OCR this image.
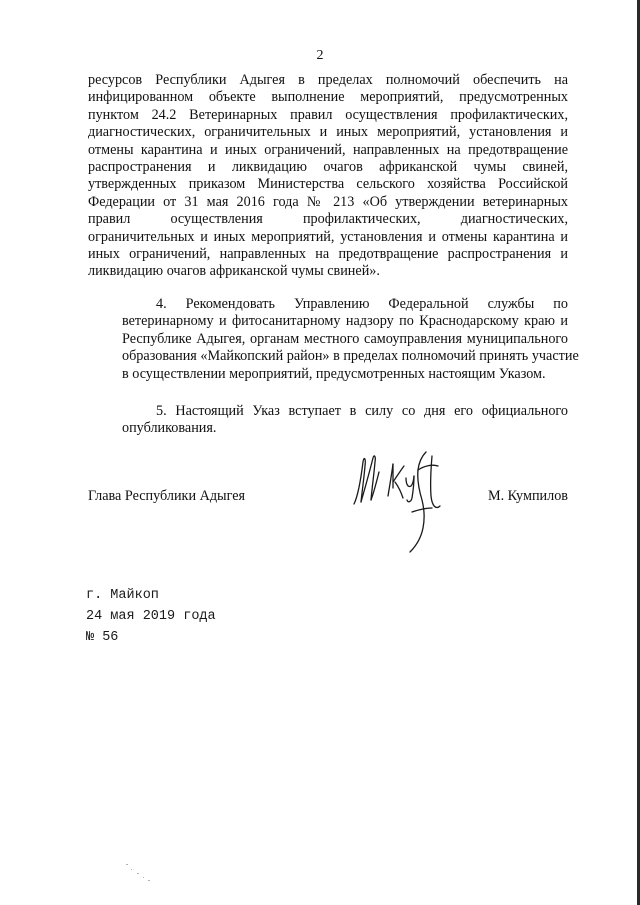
2
ресурсов Республики Адыгея в пределах полномочий обеспечить на
инфицированном объекте выполнение мероприятий, предусмотренных
пунктом 24.2 Ветеринарных правил осуществления профилактических,
диагностических, ограничительных и иных мероприятий, установления и
отмены карантина и иных ограничений, направленных на предотвращение
распространения и ликвидацию очагов африканской чумы свиней,
утвержденных приказом Министерства сельского хозяйства Российской
Федерации от 31 мая 2016 года № 213 «Об утверждении ветеринарных
правил осуществления профилактических, диагностических,
ограничительных и иных мероприятий, установления и отмены карантина и
иных ограничений, направленных на предотвращение распространения и
ликвидацию очагов африканской чумы свиней».
4. Рекомендовать Управлению Федеральной службы по
ветеринарному и фитосанитарному надзору по Краснодарскому краю и
Республике Адыгея, органам местного самоуправления муниципального
образования «Майкопский район» в пределах полномочий принять участие
в осуществлении мероприятий, предусмотренных настоящим Указом.
5. Настоящий Указ вступает в силу со дня его официального
опубликования.
Глава Республики Адыгея	М. Кумпилов
г. Майкоп
24 мая 2019 года
№ 56
